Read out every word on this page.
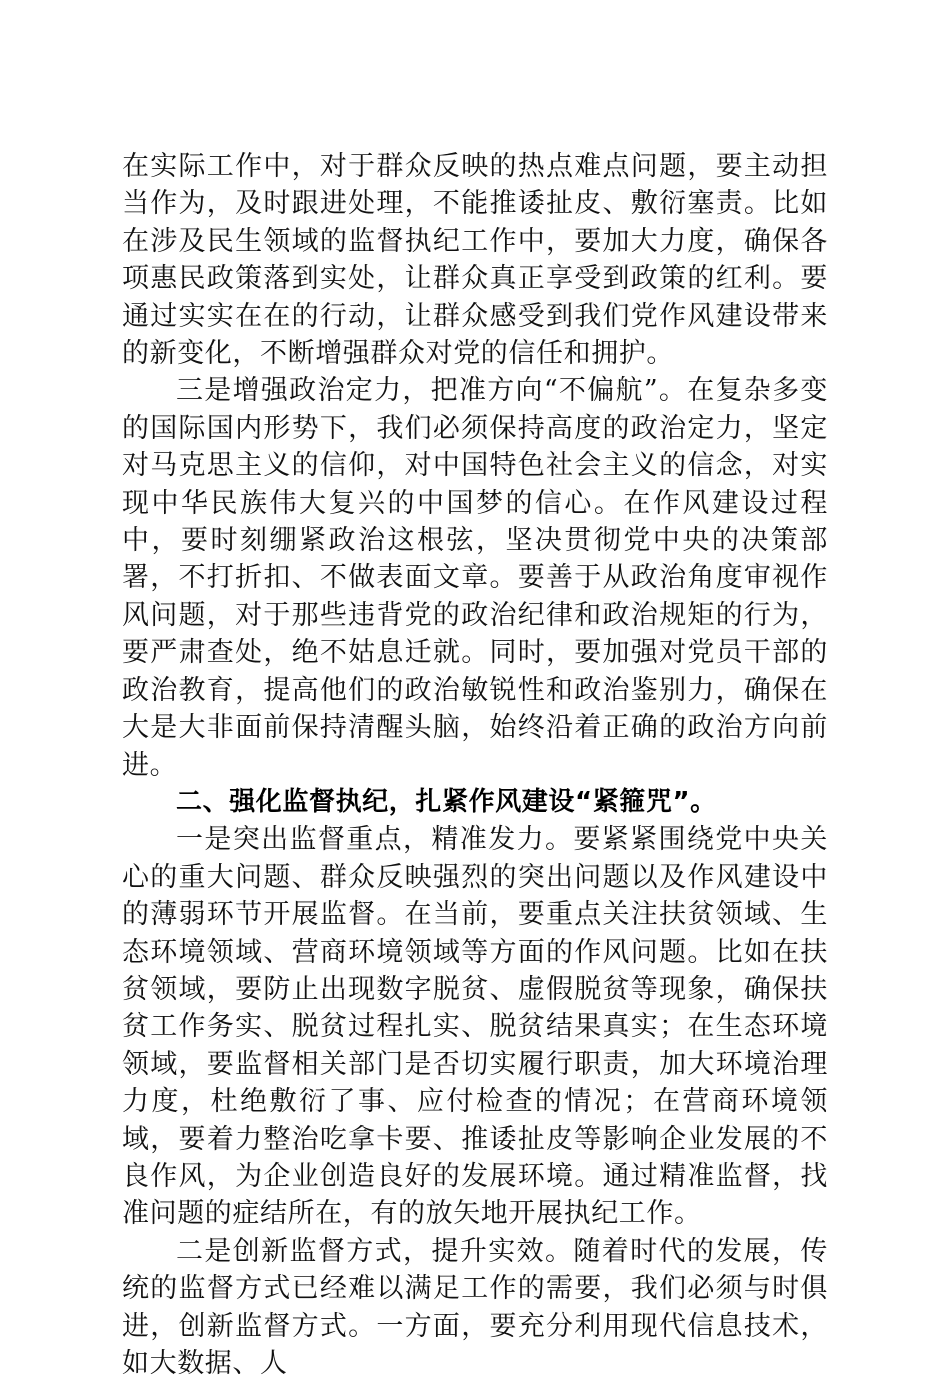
在实际工作中，对于群众反映的热点难点问题，要主动担当作为，及时跟进处理，不能推诿扯皮、敷衍塞责。比如在涉及民生领域的监督执纪工作中，要加大力度，确保各项惠民政策落到实处，让群众真正享受到政策的红利。要通过实实在在的行动，让群众感受到我们党作风建设带来的新变化，不断增强群众对党的信任和拥护。

三是增强政治定力，把准方向“不偏航”。在复杂多变的国际国内形势下，我们必须保持高度的政治定力，坚定对马克思主义的信仰，对中国特色社会主义的信念，对实现中华民族伟大复兴的中国梦的信心。在作风建设过程中，要时刻绷紧政治这根弦，坚决贯彻党中央的决策部署，不打折扣、不做表面文章。要善于从政治角度审视作风问题，对于那些违背党的政治纪律和政治规矩的行为，要严肃查处，绝不姑息迁就。同时，要加强对党员干部的政治教育，提高他们的政治敏锐性和政治鉴别力，确保在大是大非面前保持清醒头脑，始终沿着正确的政治方向前进。

二、强化监督执纪，扎紧作风建设“紧箍咒”。

一是突出监督重点，精准发力。要紧紧围绕党中央关心的重大问题、群众反映强烈的突出问题以及作风建设中的薄弱环节开展监督。在当前，要重点关注扶贫领域、生态环境领域、营商环境领域等方面的作风问题。比如在扶贫领域，要防止出现数字脱贫、虚假脱贫等现象，确保扶贫工作务实、脱贫过程扎实、脱贫结果真实；在生态环境领域，要监督相关部门是否切实履行职责，加大环境治理力度，杜绝敷衍了事、应付检查的情况；在营商环境领域，要着力整治吃拿卡要、推诿扯皮等影响企业发展的不良作风，为企业创造良好的发展环境。通过精准监督，找准问题的症结所在，有的放矢地开展执纪工作。

二是创新监督方式，提升实效。随着时代的发展，传统的监督方式已经难以满足工作的需要，我们必须与时俱进，创新监督方式。一方面，要充分利用现代信息技术，如大数据、人
